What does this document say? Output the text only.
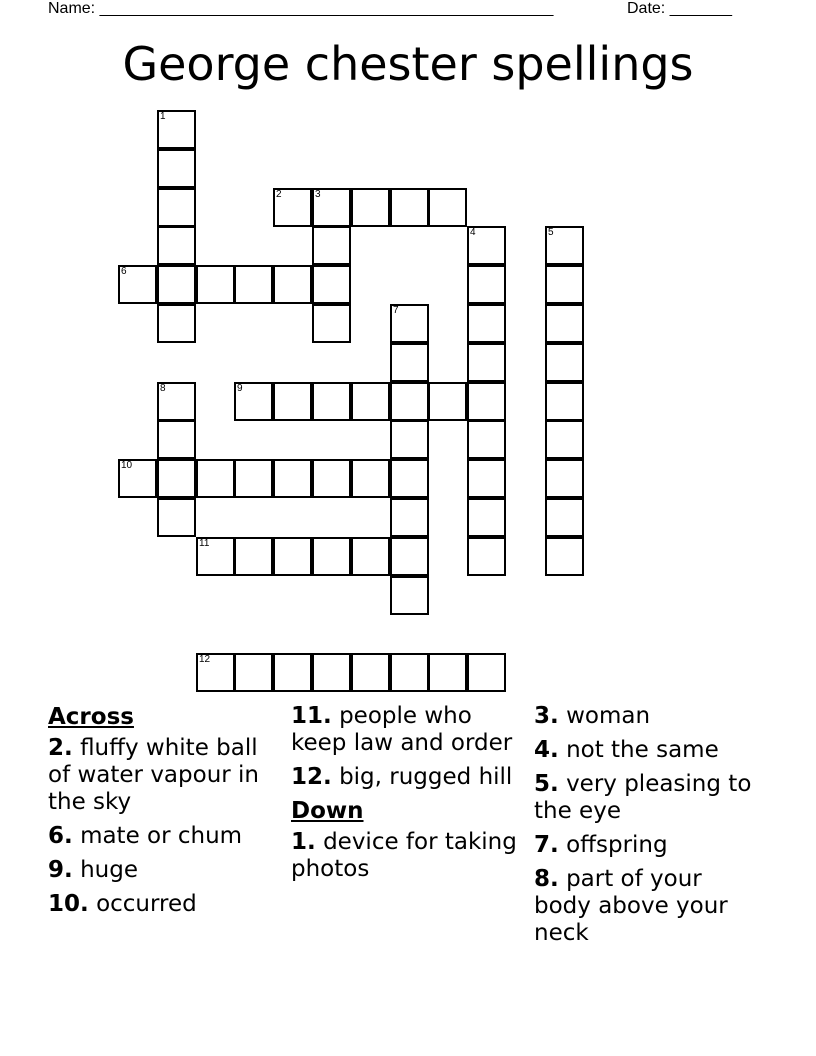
Name: ___________________________________________________	Date: _______
George chester spellings
1
2	3
4	5
6
7
8	9
10
11
12
Across
2. fluffy white ball of water vapour in the sky
6. mate or chum
9. huge
10. occurred
11. people who keep law and order
12. big, rugged hill
Down
1. device for taking photos
3. woman
4. not the same
5. very pleasing to the eye
7. offspring
8. part of your body above your neck
